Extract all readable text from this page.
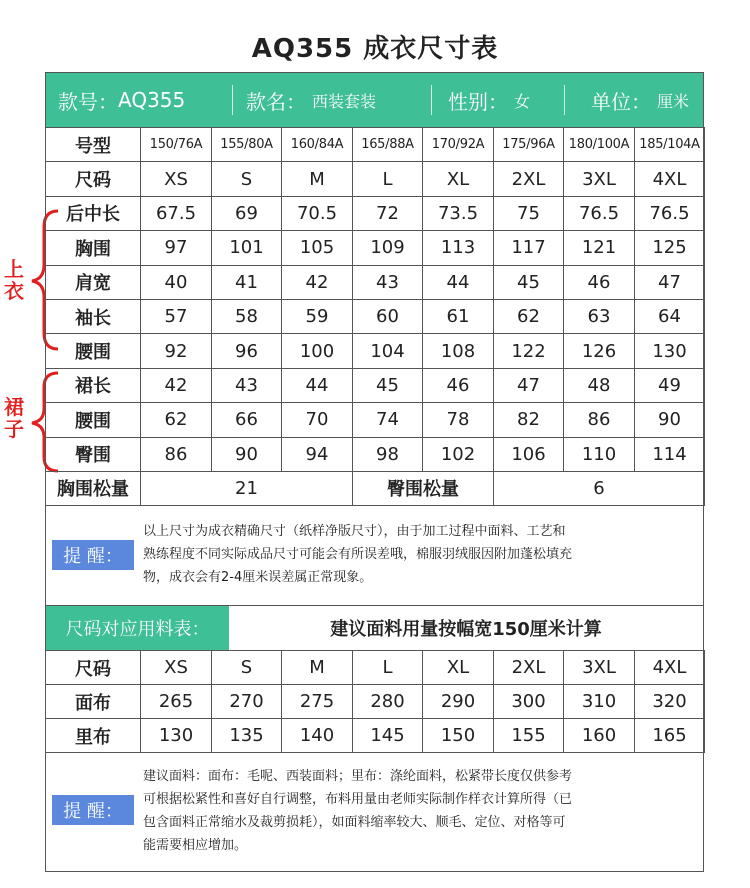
AQ355 成衣尺寸表
上衣
裙子
款号： AQ355	款名： 西装套装	性别： 女	单位： 厘米
号型	150/76A	155/80A	160/84A	165/88A	170/92A	175/96A	180/100A	185/104A
尺码	XS	S	M	L	XL	2XL	3XL	4XL
后中长	67.5	69	70.5	72	73.5	75	76.5	76.5
胸围	97	101	105	109	113	117	121	125
肩宽	40	41	42	43	44	45	46	47
袖长	57	58	59	60	61	62	63	64
腰围	92	96	100	104	108	122	126	130
裙长	42	43	44	45	46	47	48	49
腰围	62	66	70	74	78	82	86	90
臀围	86	90	94	98	102	106	110	114
胸围松量	21			臀围松量		6		
提 醒：
以上尺寸为成衣精确尺寸（纸样净版尺寸），由于加工过程中面料、工艺和
熟练程度不同实际成品尺寸可能会有所误差哦，棉服羽绒服因附加蓬松填充
物，成衣会有2-4厘米误差属正常现象。
尺码对应用料表：	建议面料用量按幅宽150厘米计算
尺码	XS	S	M	L	XL	2XL	3XL	4XL
面布	265	270	275	280	290	300	310	320
里布	130	135	140	145	150	155	160	165
提 醒：
建议面料：面布：毛呢、西装面料；里布：涤纶面料，松紧带长度仅供参考
可根据松紧性和喜好自行调整，布料用量由老师实际制作样衣计算所得（已
包含面料正常缩水及裁剪损耗），如面料缩率较大、顺毛、定位、对格等可
能需要相应增加。
